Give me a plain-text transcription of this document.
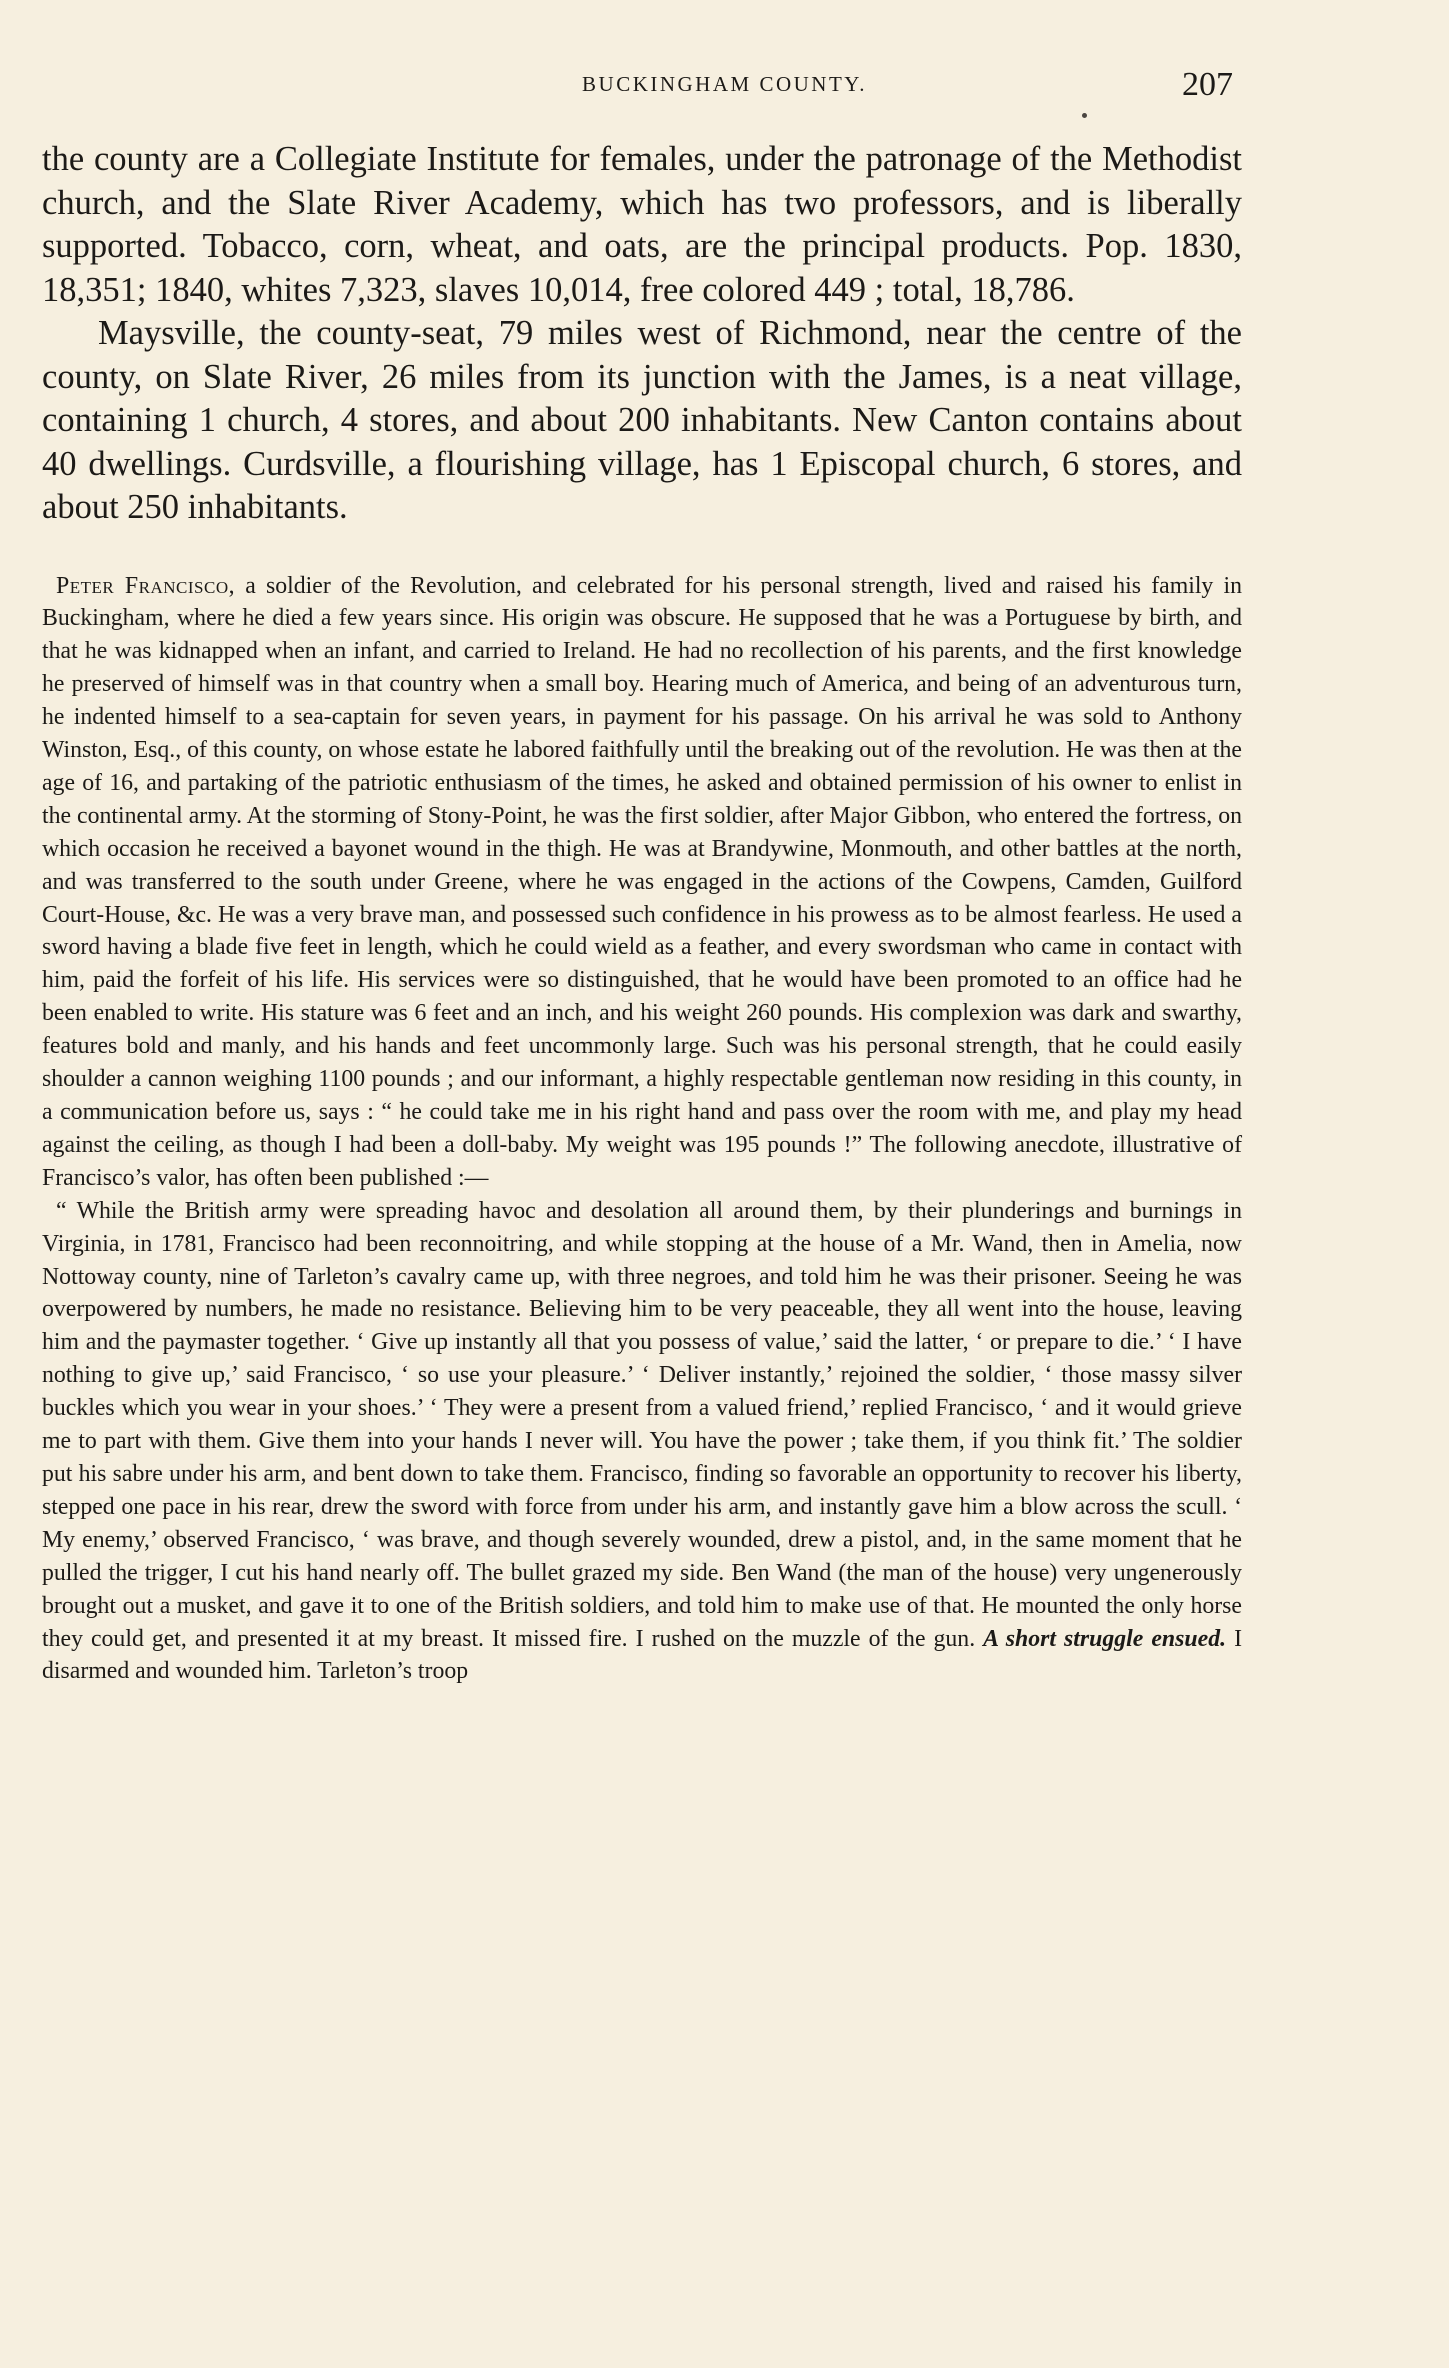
BUCKINGHAM COUNTY.	207

the county are a Collegiate Institute for females, under the patronage of the Methodist church, and the Slate River Academy, which has two professors, and is liberally supported. Tobacco, corn, wheat, and oats, are the principal products. Pop. 1830, 18,351; 1840, whites 7,323, slaves 10,014, free colored 449 ; total, 18,786.

Maysville, the county-seat, 79 miles west of Richmond, near the centre of the county, on Slate River, 26 miles from its junction with the James, is a neat village, containing 1 church, 4 stores, and about 200 inhabitants. New Canton contains about 40 dwellings. Curdsville, a flourishing village, has 1 Episcopal church, 6 stores, and about 250 inhabitants.

Peter Francisco, a soldier of the Revolution, and celebrated for his personal strength, lived and raised his family in Buckingham, where he died a few years since. His origin was obscure. He supposed that he was a Portuguese by birth, and that he was kidnapped when an infant, and carried to Ireland. He had no recollection of his parents, and the first knowledge he preserved of himself was in that country when a small boy. Hearing much of America, and being of an adventurous turn, he indented himself to a sea-captain for seven years, in payment for his passage. On his arrival he was sold to Anthony Winston, Esq., of this county, on whose estate he labored faithfully until the breaking out of the revolution. He was then at the age of 16, and partaking of the patriotic enthusiasm of the times, he asked and obtained permission of his owner to enlist in the continental army. At the storming of Stony-Point, he was the first soldier, after Major Gibbon, who entered the fortress, on which occasion he received a bayonet wound in the thigh. He was at Brandywine, Monmouth, and other battles at the north, and was transferred to the south under Greene, where he was engaged in the actions of the Cowpens, Camden, Guilford Court-House, &c. He was a very brave man, and possessed such confidence in his prowess as to be almost fearless. He used a sword having a blade five feet in length, which he could wield as a feather, and every swordsman who came in contact with him, paid the forfeit of his life. His services were so distinguished, that he would have been promoted to an office had he been enabled to write. His stature was 6 feet and an inch, and his weight 260 pounds. His complexion was dark and swarthy, features bold and manly, and his hands and feet uncommonly large. Such was his personal strength, that he could easily shoulder a cannon weighing 1100 pounds ; and our informant, a highly respectable gentleman now residing in this county, in a communication before us, says : “ he could take me in his right hand and pass over the room with me, and play my head against the ceiling, as though I had been a doll-baby. My weight was 195 pounds !” The following anecdote, illustrative of Francisco’s valor, has often been published :—

“ While the British army were spreading havoc and desolation all around them, by their plunderings and burnings in Virginia, in 1781, Francisco had been reconnoitring, and while stopping at the house of a Mr. Wand, then in Amelia, now Nottoway county, nine of Tarleton’s cavalry came up, with three negroes, and told him he was their prisoner. Seeing he was overpowered by numbers, he made no resistance. Believing him to be very peaceable, they all went into the house, leaving him and the paymaster together. ‘ Give up instantly all that you possess of value,’ said the latter, ‘ or prepare to die.’ ‘ I have nothing to give up,’ said Francisco, ‘ so use your pleasure.’ ‘ Deliver instantly,’ rejoined the soldier, ‘ those massy silver buckles which you wear in your shoes.’ ‘ They were a present from a valued friend,’ replied Francisco, ‘ and it would grieve me to part with them. Give them into your hands I never will. You have the power ; take them, if you think fit.’ The soldier put his sabre under his arm, and bent down to take them. Francisco, finding so favorable an opportunity to recover his liberty, stepped one pace in his rear, drew the sword with force from under his arm, and instantly gave him a blow across the scull. ‘ My enemy,’ observed Francisco, ‘ was brave, and though severely wounded, drew a pistol, and, in the same moment that he pulled the trigger, I cut his hand nearly off. The bullet grazed my side. Ben Wand (the man of the house) very ungenerously brought out a musket, and gave it to one of the British soldiers, and told him to make use of that. He mounted the only horse they could get, and presented it at my breast. It missed fire. I rushed on the muzzle of the gun. A short struggle ensued. I disarmed and wounded him. Tarleton’s troop
